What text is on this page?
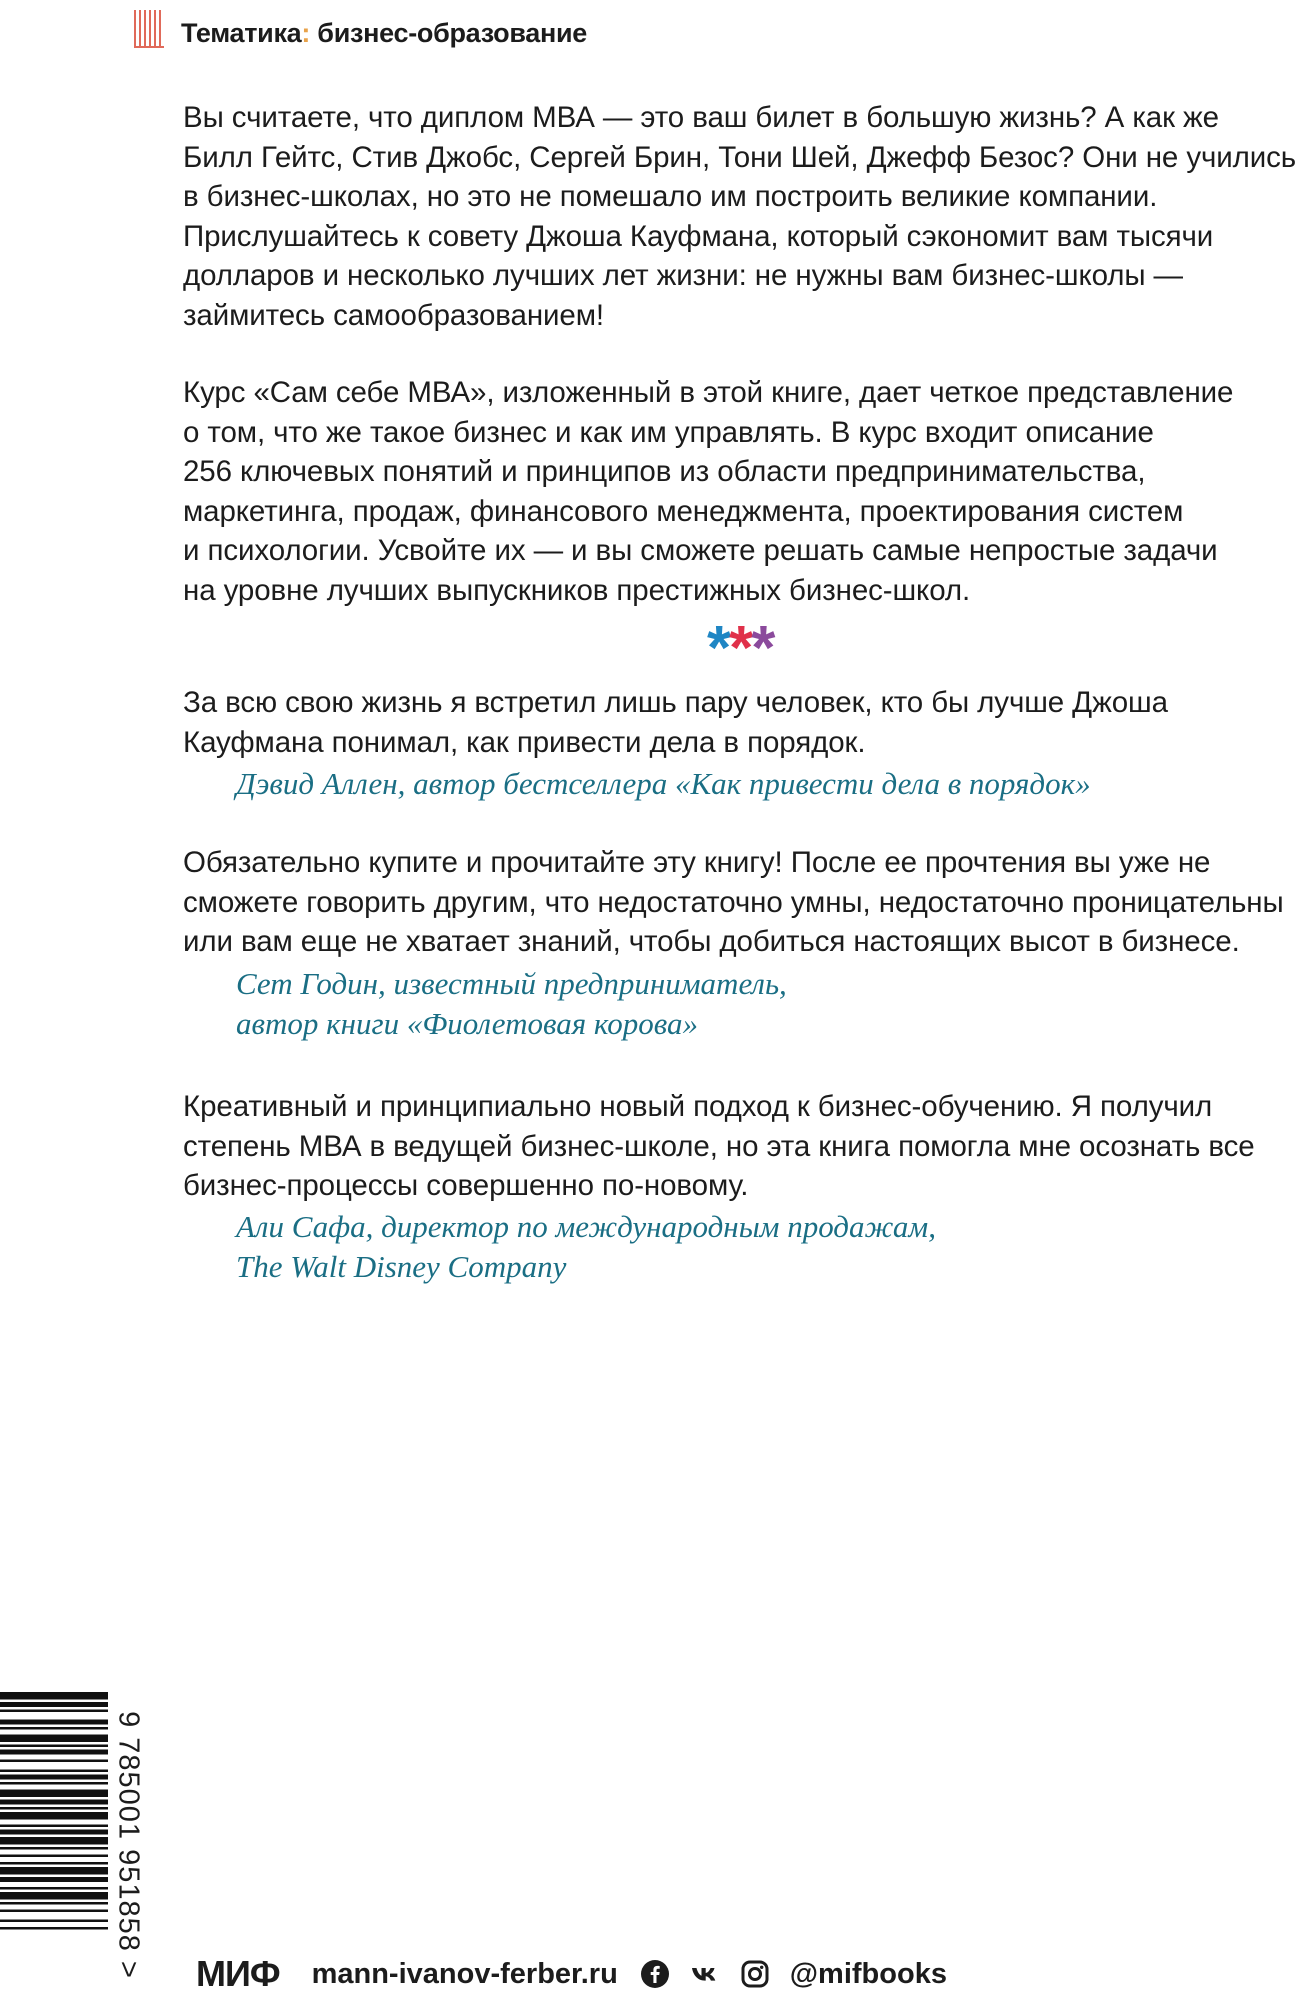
Тематика: бизнес-образование

Вы считаете, что диплом МВА — это ваш билет в большую жизнь? А как же
Билл Гейтс, Стив Джобс, Сергей Брин, Тони Шей, Джефф Безос? Они не учились
в бизнес-школах, но это не помешало им построить великие компании.
Прислушайтесь к совету Джоша Кауфмана, который сэкономит вам тысячи
долларов и несколько лучших лет жизни: не нужны вам бизнес-школы —
займитесь самообразованием!

Курс «Сам себе МВА», изложенный в этой книге, дает четкое представление
о том, что же такое бизнес и как им управлять. В курс входит описание
256 ключевых понятий и принципов из области предпринимательства,
маркетинга, продаж, финансового менеджмента, проектирования систем
и психологии. Усвойте их — и вы сможете решать самые непростые задачи
на уровне лучших выпускников престижных бизнес-школ.

***

За всю свою жизнь я встретил лишь пару человек, кто бы лучше Джоша
Кауфмана понимал, как привести дела в порядок.

Дэвид Аллен, автор бестселлера «Как привести дела в порядок»

Обязательно купите и прочитайте эту книгу! После ее прочтения вы уже не
сможете говорить другим, что недостаточно умны, недостаточно проницательны
или вам еще не хватает знаний, чтобы добиться настоящих высот в бизнесе.

Сет Годин, известный предприниматель,
автор книги «Фиолетовая корова»

Креативный и принципиально новый подход к бизнес-обучению. Я получил
степень МВА в ведущей бизнес-школе, но эта книга помогла мне осознать все
бизнес-процессы совершенно по-новому.

Али Сафа, директор по международным продажам,
The Walt Disney Company

9 785001 951858 > МИФ mann-ivanov-ferber.ru	@mifbooks
